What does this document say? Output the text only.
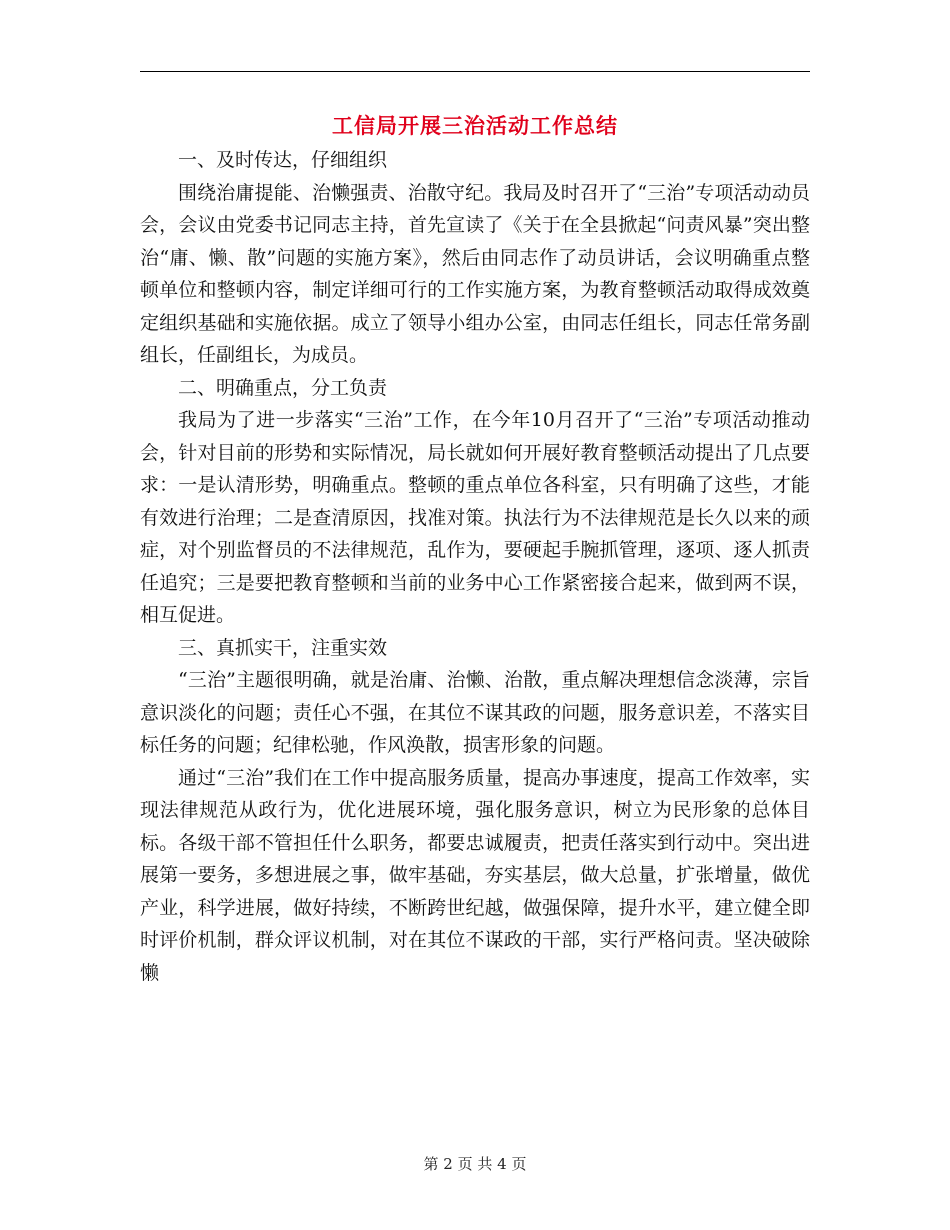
工信局开展三治活动工作总结

一、及时传达，仔细组织

围绕治庸提能、治懒强责、治散守纪。我局及时召开了“三治”专项活动动员会，会议由党委书记同志主持，首先宣读了《关于在全县掀起“问责风暴”突出整治“庸、懒、散”问题的实施方案》，然后由同志作了动员讲话，会议明确重点整顿单位和整顿内容，制定详细可行的工作实施方案，为教育整顿活动取得成效奠定组织基础和实施依据。成立了领导小组办公室，由同志任组长，同志任常务副组长，任副组长，为成员。

二、明确重点，分工负责

我局为了进一步落实“三治”工作，在今年10月召开了“三治”专项活动推动会，针对目前的形势和实际情况，局长就如何开展好教育整顿活动提出了几点要求：一是认清形势，明确重点。整顿的重点单位各科室，只有明确了这些，才能有效进行治理；二是查清原因，找准对策。执法行为不法律规范是长久以来的顽症，对个别监督员的不法律规范，乱作为，要硬起手腕抓管理，逐项、逐人抓责任追究；三是要把教育整顿和当前的业务中心工作紧密接合起来，做到两不误，相互促进。

三、真抓实干，注重实效

“三治”主题很明确，就是治庸、治懒、治散，重点解决理想信念淡薄，宗旨意识淡化的问题；责任心不强，在其位不谋其政的问题，服务意识差，不落实目标任务的问题；纪律松驰，作风涣散，损害形象的问题。

通过“三治”我们在工作中提高服务质量，提高办事速度，提高工作效率，实现法律规范从政行为，优化进展环境，强化服务意识，树立为民形象的总体目标。各级干部不管担任什么职务，都要忠诚履责，把责任落实到行动中。突出进展第一要务，多想进展之事，做牢基础，夯实基层，做大总量，扩张增量，做优产业，科学进展，做好持续，不断跨世纪越，做强保障，提升水平，建立健全即时评价机制，群众评议机制，对在其位不谋政的干部，实行严格问责。坚决破除懒

第 2 页 共 4 页
